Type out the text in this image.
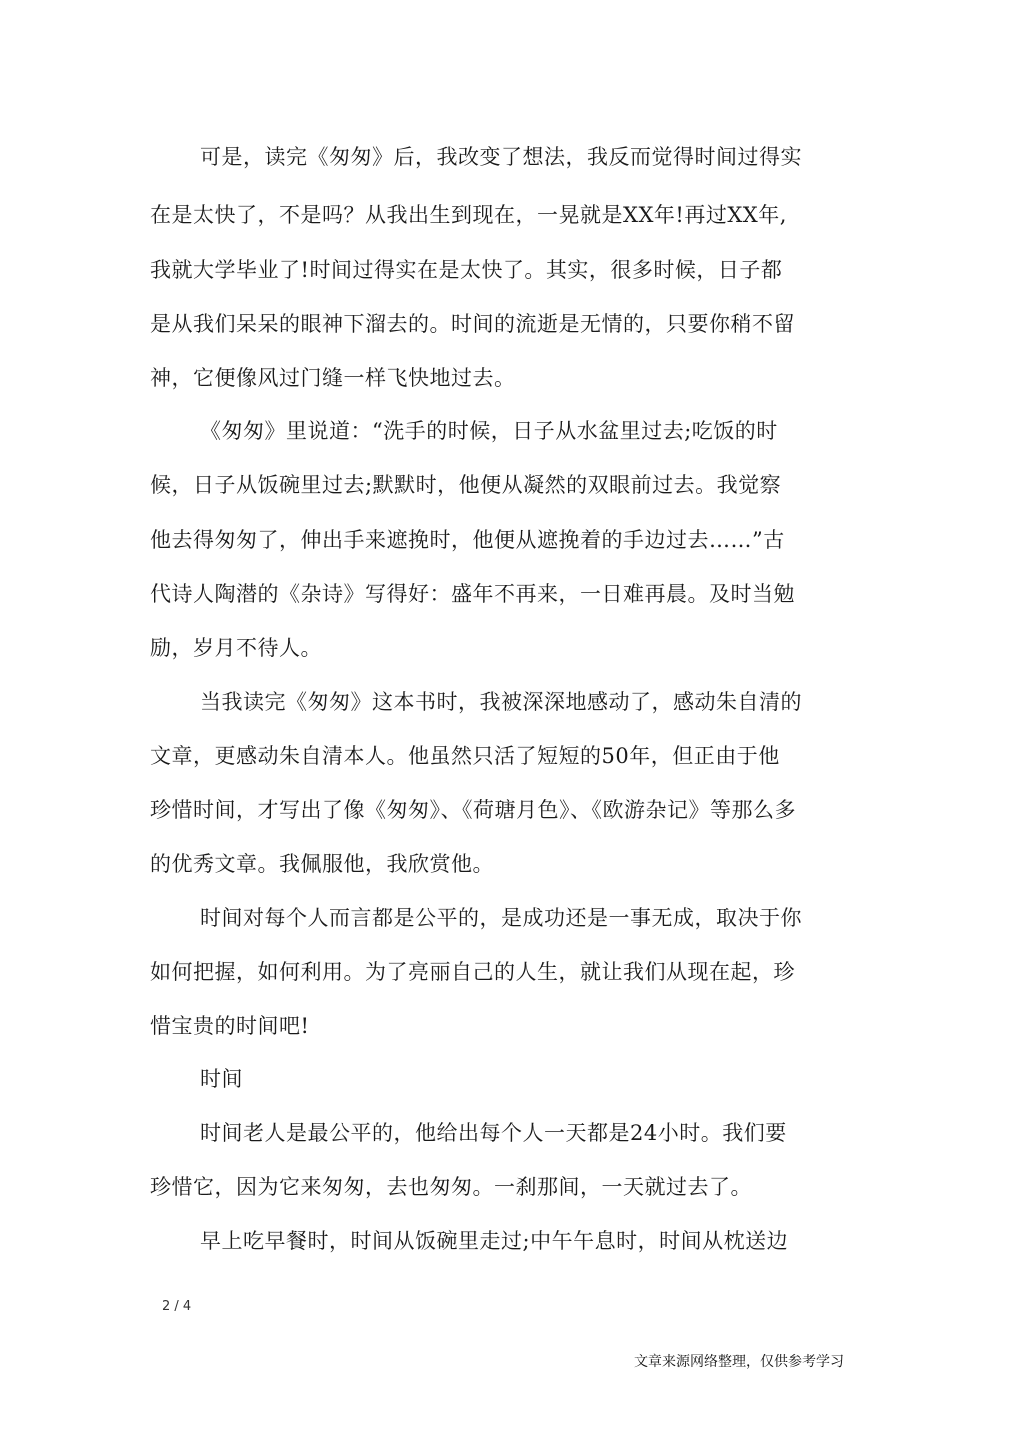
可是，读完《匆匆》后，我改变了想法，我反而觉得时间过得实
在是太快了，不是吗？从我出生到现在，一晃就是XX年!再过XX年,
我就大学毕业了!时间过得实在是太快了。其实，很多时候，日子都
是从我们呆呆的眼神下溜去的。时间的流逝是无情的，只要你稍不留
神，它便像风过门缝一样飞快地过去。
《匆匆》里说道：“洗手的时候，日子从水盆里过去;吃饭的时
候，日子从饭碗里过去;默默时，他便从凝然的双眼前过去。我觉察
他去得匆匆了，伸出手来遮挽时，他便从遮挽着的手边过去……”古
代诗人陶潜的《杂诗》写得好：盛年不再来，一日难再晨。及时当勉
励，岁月不待人。
当我读完《匆匆》这本书时，我被深深地感动了，感动朱自清的
文章，更感动朱自清本人。他虽然只活了短短的50年，但正由于他
珍惜时间，才写出了像《匆匆》、《荷瑭月色》、《欧游杂记》等那么多
的优秀文章。我佩服他，我欣赏他。
时间对每个人而言都是公平的，是成功还是一事无成，取决于你
如何把握，如何利用。为了亮丽自己的人生，就让我们从现在起，珍
惜宝贵的时间吧!
时间
时间老人是最公平的，他给出每个人一天都是24小时。我们要
珍惜它，因为它来匆匆，去也匆匆。一刹那间，一天就过去了。
早上吃早餐时，时间从饭碗里走过;中午午息时，时间从枕送边
2 / 4
文章来源网络整理，仅供参考学习
